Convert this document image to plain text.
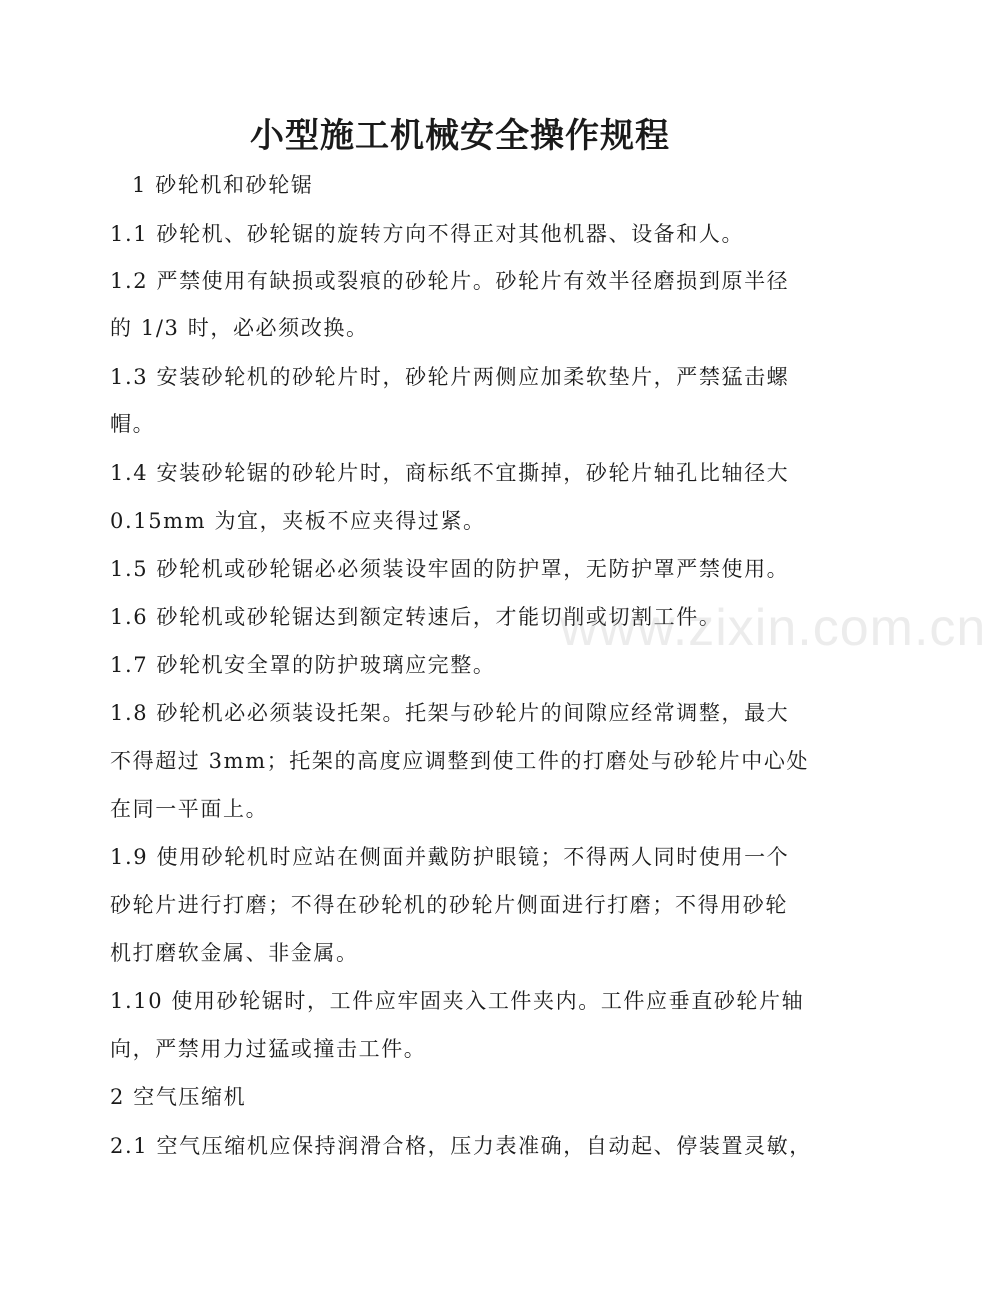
小型施工机械安全操作规程
1 砂轮机和砂轮锯
1.1 砂轮机、砂轮锯的旋转方向不得正对其他机器、设备和人。
1.2 严禁使用有缺损或裂痕的砂轮片。砂轮片有效半径磨损到原半径
的 1/3 时，必必须改换。
1.3 安装砂轮机的砂轮片时，砂轮片两侧应加柔软垫片，严禁猛击螺
帽。
1.4 安装砂轮锯的砂轮片时，商标纸不宜撕掉，砂轮片轴孔比轴径大
0.15mm 为宜，夹板不应夹得过紧。
1.5 砂轮机或砂轮锯必必须装设牢固的防护罩，无防护罩严禁使用。
1.6 砂轮机或砂轮锯达到额定转速后，才能切削或切割工件。
1.7 砂轮机安全罩的防护玻璃应完整。
1.8 砂轮机必必须装设托架。托架与砂轮片的间隙应经常调整，最大
不得超过 3mm；托架的高度应调整到使工件的打磨处与砂轮片中心处
在同一平面上。
1.9 使用砂轮机时应站在侧面并戴防护眼镜；不得两人同时使用一个
砂轮片进行打磨；不得在砂轮机的砂轮片侧面进行打磨；不得用砂轮
机打磨软金属、非金属。
1.10 使用砂轮锯时，工件应牢固夹入工件夹内。工件应垂直砂轮片轴
向，严禁用力过猛或撞击工件。
2 空气压缩机
2.1 空气压缩机应保持润滑合格，压力表准确，自动起、停装置灵敏，
www.zixin.com.cn
